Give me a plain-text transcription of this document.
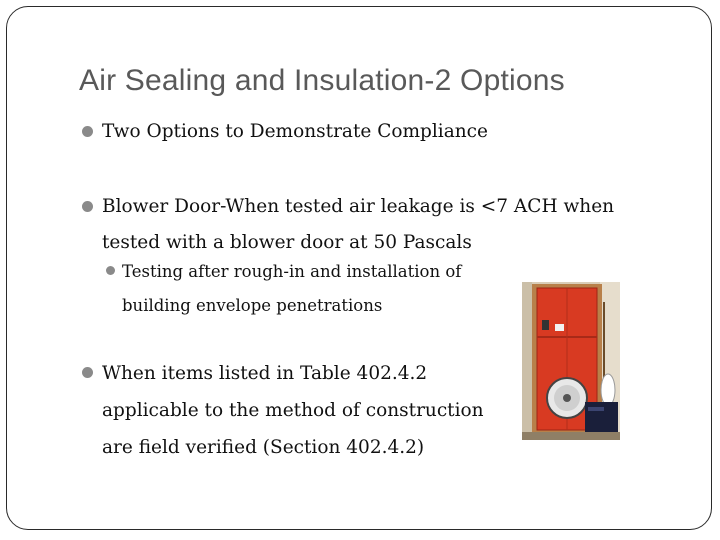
Air Sealing and Insulation-2 Options
Two Options to Demonstrate Compliance
Blower Door-When tested air leakage is <7 ACH when
tested with a blower door at 50 Pascals
Testing after rough-in and installation of
building envelope penetrations
When items listed in Table 402.4.2
applicable to the method of construction
are field verified (Section 402.4.2)
